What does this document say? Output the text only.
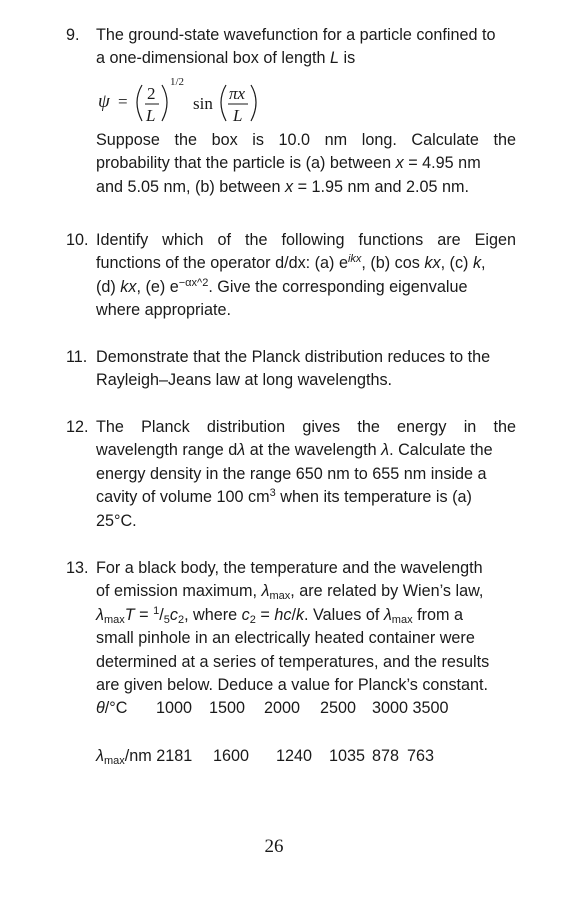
9. The ground-state wavefunction for a particle confined to
a one-dimensional box of length L is
ψ = 2
L
1/2
sin
πx
L
Suppose the box is 10.0 nm long. Calculate the
probability that the particle is (a) between x = 4.95 nm
and 5.05 nm, (b) between x = 1.95 nm and 2.05 nm.
10. Identify which of the following functions are Eigen
functions of the operator d/dx: (a) $e^{ikx}$, (b) cos kx, (c) k,
(d) kx, (e) $e^{-\alpha x\^{}2}$. Give the corresponding eigenvalue
where appropriate.
11. Demonstrate that the Planck distribution reduces to the
Rayleigh–Jeans law at long wavelengths.
12. The Planck distribution gives the energy in the
wavelength range dλ at the wavelength λ. Calculate the
energy density in the range 650 nm to 655 nm inside a
cavity of volume 100 $cm^3$ when its temperature is (a)
25°C.
13. For a black body, the temperature and the wavelength
of emission maximum, $\lambda_{max}$, are related by Wien’s law,
$\lambda_{max}T = ^1/_5c_2$, where $c_2 = hc/k$. Values of $\lambda_{max}$ from a
small pinhole in an electrically heated container were
determined at a series of temperatures, and the results
are given below. Deduce a value for Planck’s constant.
θ/°C	1000	1500	2000	2500 3000 3500
$\lambda_{max}/nm$ 2181	1600	1240	1035 878 763
26
